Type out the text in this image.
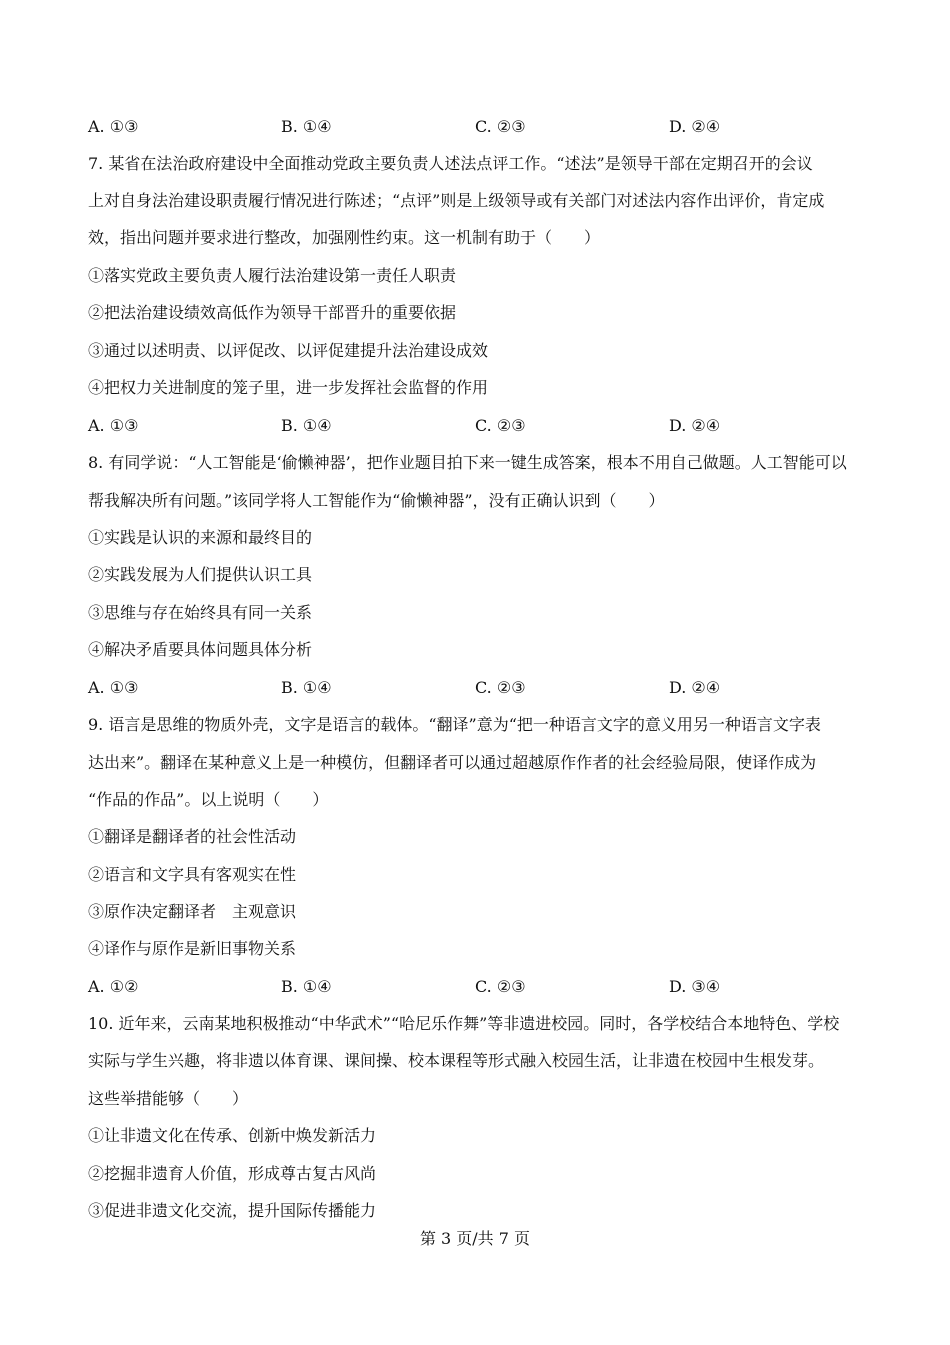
A. ①③	B. ①④	C. ②③	D. ②④
7. 某省在法治政府建设中全面推动党政主要负责人述法点评工作。“述法”是领导干部在定期召开的会议
上对自身法治建设职责履行情况进行陈述；“点评”则是上级领导或有关部门对述法内容作出评价，肯定成
效，指出问题并要求进行整改，加强刚性约束。这一机制有助于（　　）
①落实党政主要负责人履行法治建设第一责任人职责
②把法治建设绩效高低作为领导干部晋升的重要依据
③通过以述明责、以评促改、以评促建提升法治建设成效
④把权力关进制度的笼子里，进一步发挥社会监督的作用
A. ①③	B. ①④	C. ②③	D. ②④
8. 有同学说：“人工智能是‘偷懒神器’，把作业题目拍下来一键生成答案，根本不用自己做题。人工智能可以
帮我解决所有问题。”该同学将人工智能作为“偷懒神器”，没有正确认识到（　　）
①实践是认识的来源和最终目的
②实践发展为人们提供认识工具
③思维与存在始终具有同一关系
④解决矛盾要具体问题具体分析
A. ①③	B. ①④	C. ②③	D. ②④
9. 语言是思维的物质外壳，文字是语言的载体。“翻译”意为“把一种语言文字的意义用另一种语言文字表
达出来”。翻译在某种意义上是一种模仿，但翻译者可以通过超越原作作者的社会经验局限，使译作成为
“作品的作品”。以上说明（　　）
①翻译是翻译者的社会性活动
②语言和文字具有客观实在性
③原作决定翻译者　主观意识
④译作与原作是新旧事物关系
A. ①②	B. ①④	C. ②③	D. ③④
10. 近年来，云南某地积极推动“中华武术”“哈尼乐作舞”等非遗进校园。同时，各学校结合本地特色、学校
实际与学生兴趣，将非遗以体育课、课间操、校本课程等形式融入校园生活，让非遗在校园中生根发芽。
这些举措能够（　　）
①让非遗文化在传承、创新中焕发新活力
②挖掘非遗育人价值，形成尊古复古风尚
③促进非遗文化交流，提升国际传播能力
第 3 页/共 7 页
